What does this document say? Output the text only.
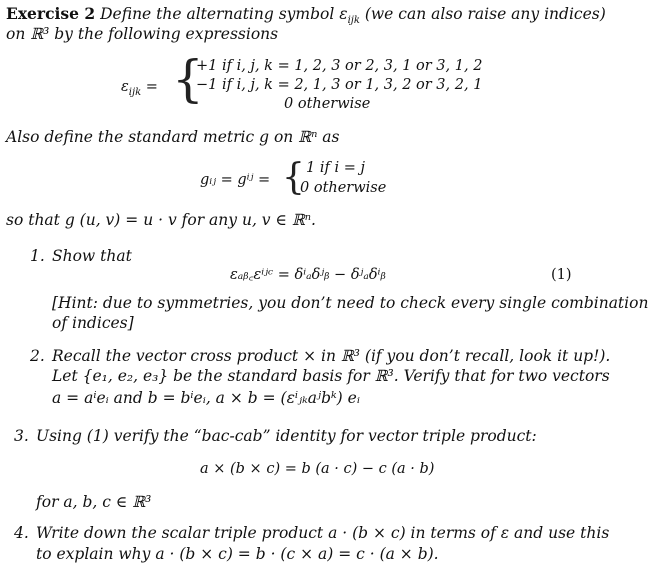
Exercise 2 Define the alternating symbol $\varepsilon_{ijk}$ (we can also raise any indices)
on ℝ³ by the following expressions
$\varepsilon_{ijk}$ = {
+1 if i, j, k = 1, 2, 3 or 2, 3, 1 or 3, 1, 2
−1 if i, j, k = 2, 1, 3 or 1, 3, 2 or 3, 2, 1
0 otherwise
Also define the standard metric g on ℝⁿ as
gᵢⱼ = gⁱʲ = { 1 if i = j
0 otherwise
so that g (u, v) = u · v for any u, v ∈ ℝⁿ.
1. Show that
εₐᵦ꜀εⁱʲᶜ = δⁱₐδʲᵦ − δʲₐδⁱᵦ	(1)
[Hint: due to symmetries, you don’t need to check every single combination
of indices]
2. Recall the vector cross product × in ℝ³ (if you don’t recall, look it up!).
Let {e₁, e₂, e₃} be the standard basis for ℝ³. Verify that for two vectors
a = aⁱeᵢ and b = bⁱeᵢ, a × b = (εⁱⱼₖaʲbᵏ) eᵢ
3. Using (1) verify the “bac-cab” identity for vector triple product:
a × (b × c) = b (a · c) − c (a · b)
for a, b, c ∈ ℝ³
4. Write down the scalar triple product a · (b × c) in terms of ε and use this
to explain why a · (b × c) = b · (c × a) = c · (a × b).
